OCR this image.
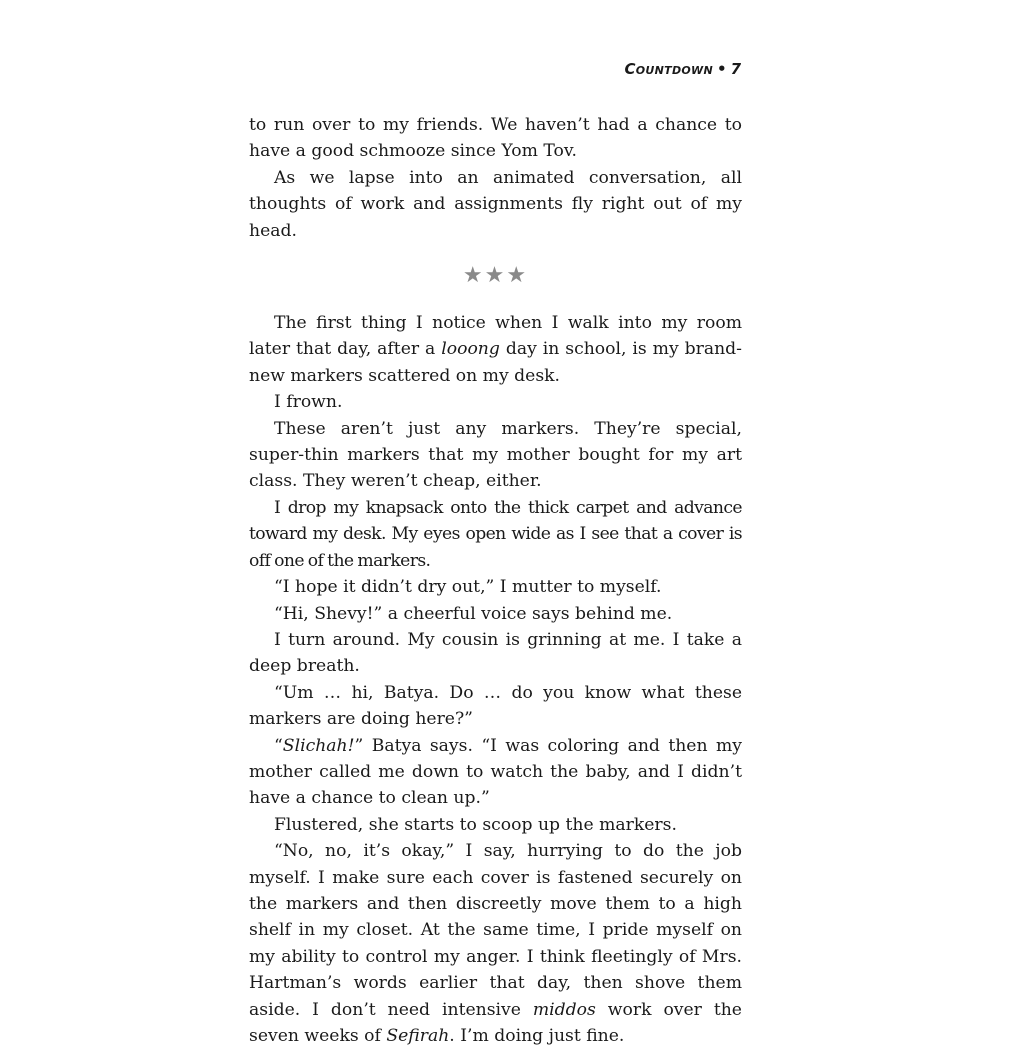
Countdown • 7

to run over to my friends. We haven’t had a chance to have a good schmooze since Yom Tov.

As we lapse into an animated conversation, all thoughts of work and assignments fly right out of my head.

★★★

The first thing I notice when I walk into my room later that day, after a looong day in school, is my brand-new markers scattered on my desk.

I frown.

These aren’t just any markers. They’re special, super-thin markers that my mother bought for my art class. They weren’t cheap, either.

I drop my knapsack onto the thick carpet and advance toward my desk. My eyes open wide as I see that a cover is off one of the markers.

“I hope it didn’t dry out,” I mutter to myself.

“Hi, Shevy!” a cheerful voice says behind me.

I turn around. My cousin is grinning at me. I take a deep breath.

“Um … hi, Batya. Do … do you know what these markers are doing here?”

“Slichah!” Batya says. “I was coloring and then my mother called me down to watch the baby, and I didn’t have a chance to clean up.”

Flustered, she starts to scoop up the markers.

“No, no, it’s okay,” I say, hurrying to do the job myself. I make sure each cover is fastened securely on the markers and then discreetly move them to a high shelf in my closet. At the same time, I pride myself on my ability to control my anger. I think fleetingly of Mrs. Hartman’s words earlier that day, then shove them aside. I don’t need intensive middos work over the seven weeks of Sefirah. I’m doing just fine.
